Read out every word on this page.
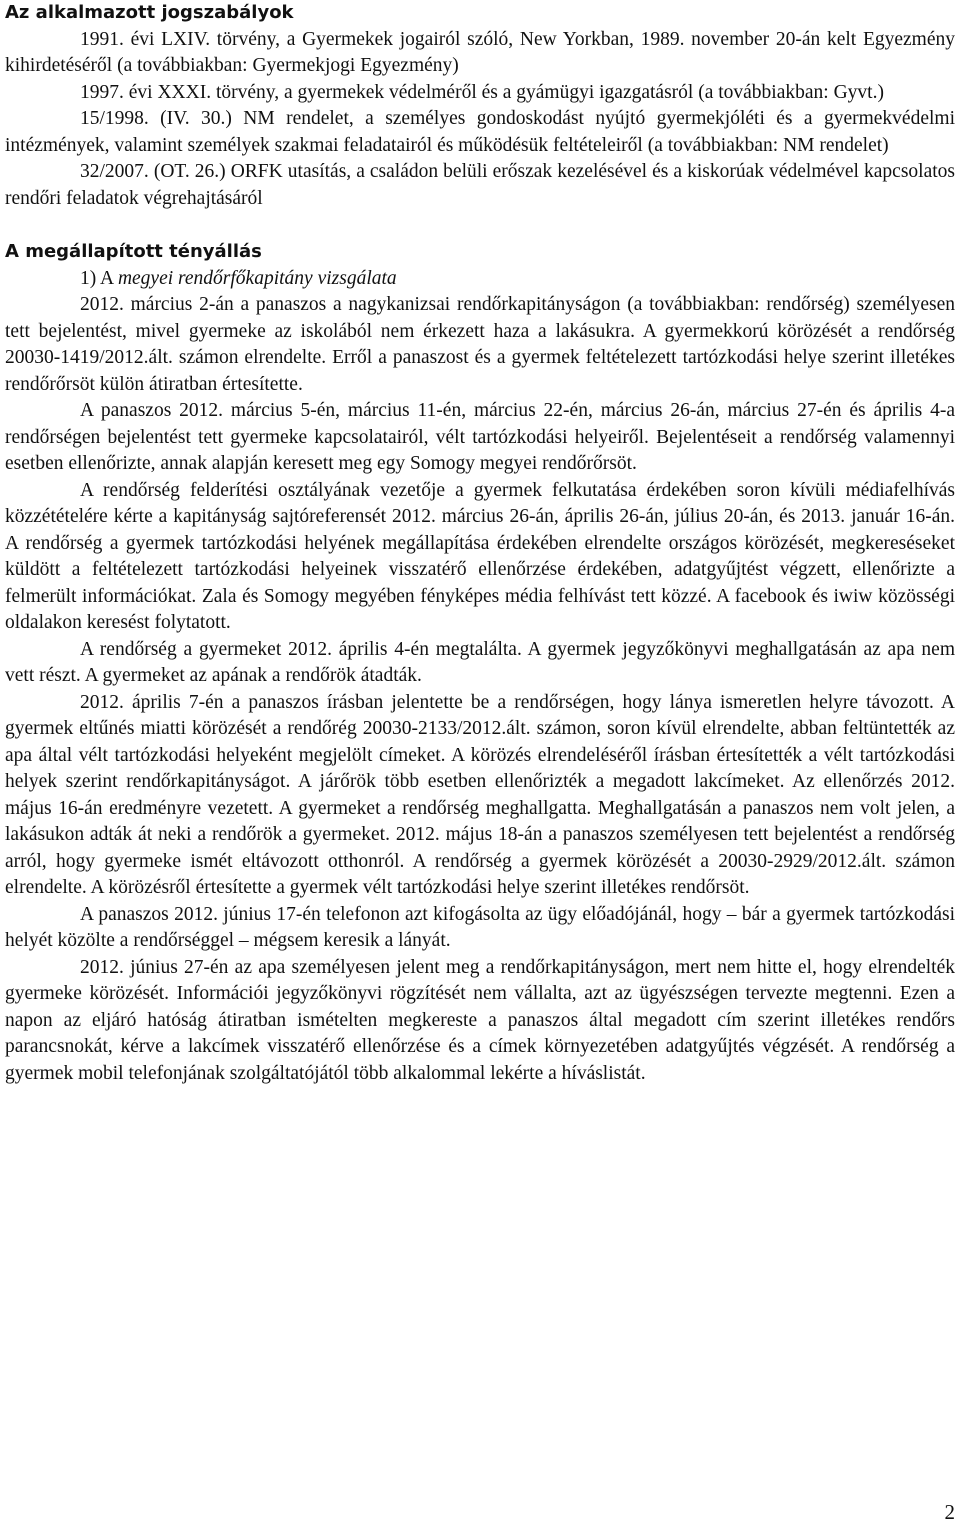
Az alkalmazott jogszabályok

1991. évi LXIV. törvény, a Gyermekek jogairól szóló, New Yorkban, 1989. november 20-án kelt Egyezmény kihirdetéséről (a továbbiakban: Gyermekjogi Egyezmény)

1997. évi XXXI. törvény, a gyermekek védelméről és a gyámügyi igazgatásról (a továbbiakban: Gyvt.)

15/1998. (IV. 30.) NM rendelet, a személyes gondoskodást nyújtó gyermekjóléti és a gyermekvédelmi intézmények, valamint személyek szakmai feladatairól és működésük feltételeiről (a továbbiakban: NM rendelet)

32/2007. (OT. 26.) ORFK utasítás, a családon belüli erőszak kezelésével és a kiskorúak védelmével kapcsolatos rendőri feladatok végrehajtásáról

A megállapított tényállás

1) A megyei rendőrfőkapitány vizsgálata

2012. március 2-án a panaszos a nagykanizsai rendőrkapitányságon (a továbbiakban: rendőrség) személyesen tett bejelentést, mivel gyermeke az iskolából nem érkezett haza a lakásukra. A gyermekkorú körözését a rendőrség 20030-1419/2012.ált. számon elrendelte. Erről a panaszost és a gyermek feltételezett tartózkodási helye szerint illetékes rendőrőrsöt külön átiratban értesítette.

A panaszos 2012. március 5-én, március 11-én, március 22-én, március 26-án, március 27-én és április 4-a rendőrségen bejelentést tett gyermeke kapcsolatairól, vélt tartózkodási helyeiről. Bejelentéseit a rendőrség valamennyi esetben ellenőrizte, annak alapján keresett meg egy Somogy megyei rendőrőrsöt.

A rendőrség felderítési osztályának vezetője a gyermek felkutatása érdekében soron kívüli médiafelhívás közzétételére kérte a kapitányság sajtóreferensét 2012. március 26-án, április 26-án, július 20-án, és 2013. január 16-án. A rendőrség a gyermek tartózkodási helyének megállapítása érdekében elrendelte országos körözését, megkereséseket küldött a feltételezett tartózkodási helyeinek visszatérő ellenőrzése érdekében, adatgyűjtést végzett, ellenőrizte a felmerült információkat. Zala és Somogy megyében fényképes média felhívást tett közzé. A facebook és iwiw közösségi oldalakon keresést folytatott.

A rendőrség a gyermeket 2012. április 4-én megtalálta. A gyermek jegyzőkönyvi meghallgatásán az apa nem vett részt. A gyermeket az apának a rendőrök átadták.

2012. április 7-én a panaszos írásban jelentette be a rendőrségen, hogy lánya ismeretlen helyre távozott. A gyermek eltűnés miatti körözését a rendőrég 20030-2133/2012.ált. számon, soron kívül elrendelte, abban feltüntették az apa által vélt tartózkodási helyeként megjelölt címeket. A körözés elrendeléséről írásban értesítették a vélt tartózkodási helyek szerint rendőrkapitányságot. A járőrök több esetben ellenőrizték a megadott lakcímeket. Az ellenőrzés 2012. május 16-án eredményre vezetett. A gyermeket a rendőrség meghallgatta. Meghallgatásán a panaszos nem volt jelen, a lakásukon adták át neki a rendőrök a gyermeket. 2012. május 18-án a panaszos személyesen tett bejelentést a rendőrség arról, hogy gyermeke ismét eltávozott otthonról. A rendőrség a gyermek körözését a 20030-2929/2012.ált. számon elrendelte. A körözésről értesítette a gyermek vélt tartózkodási helye szerint illetékes rendőrsöt.

A panaszos 2012. június 17-én telefonon azt kifogásolta az ügy előadójánál, hogy – bár a gyermek tartózkodási helyét közölte a rendőrséggel – mégsem keresik a lányát.

2012. június 27-én az apa személyesen jelent meg a rendőrkapitányságon, mert nem hitte el, hogy elrendelték gyermeke körözését. Információi jegyzőkönyvi rögzítését nem vállalta, azt az ügyészségen tervezte megtenni. Ezen a napon az eljáró hatóság átiratban ismételten megkereste a panaszos által megadott cím szerint illetékes rendőrs parancsnokát, kérve a lakcímek visszatérő ellenőrzése és a címek környezetében adatgyűjtés végzését. A rendőrség a gyermek mobil telefonjának szolgáltatójától több alkalommal lekérte a híváslistát.

2
